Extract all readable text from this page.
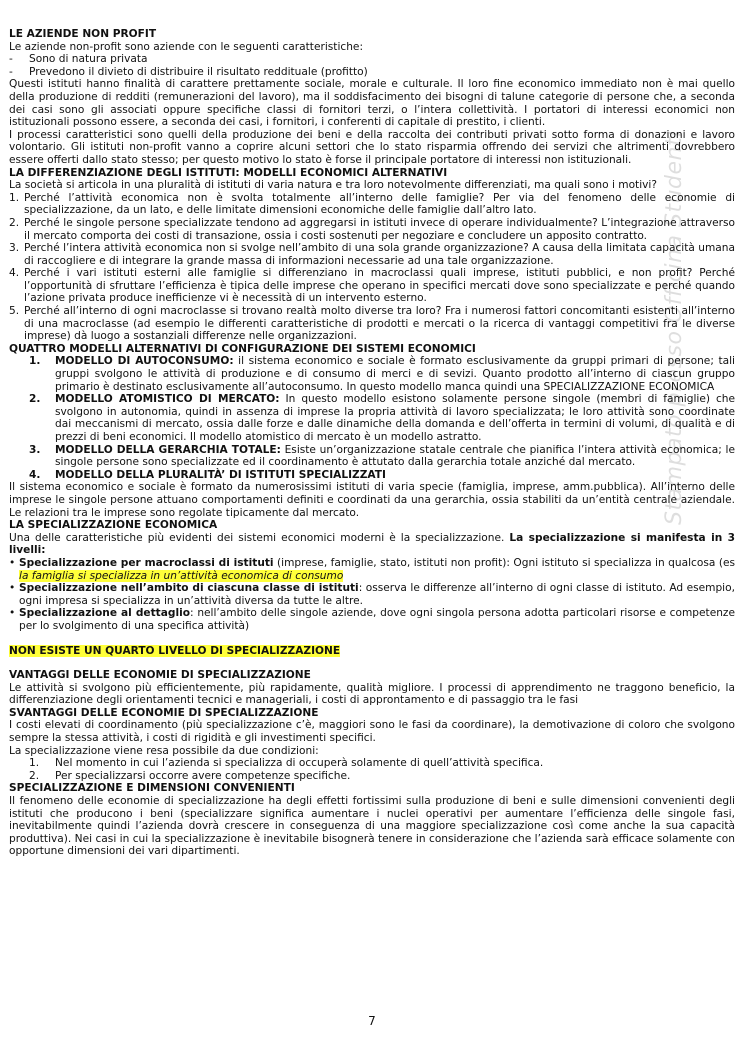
LE AZIENDE NON PROFIT
Le aziende non-profit sono aziende con le seguenti caratteristiche:
-	Sono di natura privata
-	Prevedono il divieto di distribuire il risultato reddituale (profitto)
Questi istituti hanno finalità di carattere prettamente sociale, morale e culturale. Il loro fine economico immediato non è mai quello della produzione di redditi (remunerazioni del lavoro), ma il soddisfacimento dei bisogni di talune categorie di persone che, a seconda dei casi sono gli associati oppure specifiche classi di fornitori terzi, o l’intera collettività. I portatori di interessi economici non istituzionali possono essere, a seconda dei casi, i fornitori, i conferenti di capitale di prestito, i clienti.
I processi caratteristici sono quelli della produzione dei beni e della raccolta dei contributi privati sotto forma di donazioni e lavoro volontario. Gli istituti non-profit vanno a coprire alcuni settori che lo stato risparmia offrendo dei servizi che altrimenti dovrebbero essere offerti dallo stato stesso; per questo motivo lo stato è forse il principale portatore di interessi non istituzionali.
LA DIFFERENZIAZIONE DEGLI ISTITUTI: MODELLI ECONOMICI ALTERNATIVI
La società si articola in una pluralità di istituti di varia natura e tra loro notevolmente differenziati, ma quali sono i motivi?
1. Perché l’attività economica non è svolta totalmente all’interno delle famiglie? Per via del fenomeno delle economie di specializzazione, da un lato, e delle limitate dimensioni economiche delle famiglie dall’altro lato.
2. Perché le singole persone specializzate tendono ad aggregarsi in istituti invece di operare individualmente? L’integrazione attraverso il mercato comporta dei costi di transazione, ossia i costi sostenuti per negoziare e concludere un apposito contratto.
3. Perché l’intera attività economica non si svolge nell’ambito di una sola grande organizzazione? A causa della limitata capacità umana di raccogliere e di integrare la grande massa di informazioni necessarie ad una tale organizzazione.
4. Perché i vari istituti esterni alle famiglie si differenziano in macroclassi quali imprese, istituti pubblici, e non profit? Perché l’opportunità di sfruttare l’efficienza è tipica delle imprese che operano in specifici mercati dove sono specializzate e perché quando l’azione privata produce inefficienze vi è necessità di un intervento esterno.
5. Perché all’interno di ogni macroclasse si trovano realtà molto diverse tra loro? Fra i numerosi fattori concomitanti esistenti all’interno di una macroclasse (ad esempio le differenti caratteristiche di prodotti e mercati o la ricerca di vantaggi competitivi fra le diverse imprese) dà luogo a sostanziali differenze nelle organizzazioni.
QUATTRO MODELLI ALTERNATIVI DI CONFIGURAZIONE DEI SISTEMI ECONOMICI
1.	MODELLO DI AUTOCONSUMO: il sistema economico e sociale è formato esclusivamente da gruppi primari di persone; tali gruppi svolgono le attività di produzione e di consumo di merci e di sevizi. Quanto prodotto all’interno di ciascun gruppo primario è destinato esclusivamente all’autoconsumo. In questo modello manca quindi una SPECIALIZZAZIONE ECONOMICA
2.	MODELLO ATOMISTICO DI MERCATO: In questo modello esistono solamente persone singole (membri di famiglie) che svolgono in autonomia, quindi in assenza di imprese la propria attività di lavoro specializzata; le loro attività sono coordinate dai meccanismi di mercato, ossia dalle forze e dalle dinamiche della domanda e dell’offerta in termini di volumi, di qualità e di prezzi di beni economici. Il modello atomistico di mercato è un modello astratto.
3.	MODELLO DELLA GERARCHIA TOTALE: Esiste un’organizzazione statale centrale che pianifica l’intera attività economica; le singole persone sono specializzate ed il coordinamento è attutato dalla gerarchia totale anziché dal mercato.
4.	MODELLO DELLA PLURALITÀ’ DI ISTITUTI SPECIALIZZATI
Il sistema economico e sociale è formato da numerosissimi istituti di varia specie (famiglia, imprese, amm.pubblica). All’interno delle imprese le singole persone attuano comportamenti definiti e coordinati da una gerarchia, ossia stabiliti da un’entità centrale aziendale. Le relazioni tra le imprese sono regolate tipicamente dal mercato.
LA SPECIALIZZAZIONE ECONOMICA
Una delle caratteristiche più evidenti dei sistemi economici moderni è la specializzazione. La specializzazione si manifesta in 3 livelli:
• Specializzazione per macroclassi di istituti (imprese, famiglie, stato, istituti non profit): Ogni istituto si specializza in qualcosa (es la famiglia si specializza in un’attività economica di consumo
• Specializzazione nell’ambito di ciascuna classe di istituti: osserva le differenze all’interno di ogni classe di istituto. Ad esempio, ogni impresa si specializza in un’attività diversa da tutte le altre.
• Specializzazione al dettaglio: nell’ambito delle singole aziende, dove ogni singola persona adotta particolari risorse e competenze per lo svolgimento di una specifica attività)
NON ESISTE UN QUARTO LIVELLO DI SPECIALIZZAZIONE
VANTAGGI DELLE ECONOMIE DI SPECIALIZZAZIONE
Le attività si svolgono più efficientemente, più rapidamente, qualità migliore. I processi di apprendimento ne traggono beneficio, la differenziazione degli orientamenti tecnici e manageriali, i costi di approntamento e di passaggio tra le fasi
SVANTAGGI DELLE ECONOMIE DI SPECIALIZZAZIONE
I costi elevati di coordinamento (più specializzazione c’è, maggiori sono le fasi da coordinare), la demotivazione di coloro che svolgono sempre la stessa attività, i costi di rigidità e gli investimenti specifici.
La specializzazione viene resa possibile da due condizioni:
1.	Nel momento in cui l’azienda si specializza di occuperà solamente di quell’attività specifica.
2.	Per specializzarsi occorre avere competenze specifiche.
SPECIALIZZAZIONE E DIMENSIONI CONVENIENTI
Il fenomeno delle economie di specializzazione ha degli effetti fortissimi sulla produzione di beni e sulle dimensioni convenienti degli istituti che producono i beni (specializzare significa aumentare i nuclei operativi per aumentare l’efficienza delle singole fasi, inevitabilmente quindi l’azienda dovrà crescere in conseguenza di una maggiore specializzazione così come anche la sua capacità produttiva). Nei casi in cui la specializzazione è inevitabile bisognerà tenere in considerazione che l’azienda sarà efficace solamente con opportune dimensioni dei vari dipartimenti.
Stampato presso Officina Studenti
7
